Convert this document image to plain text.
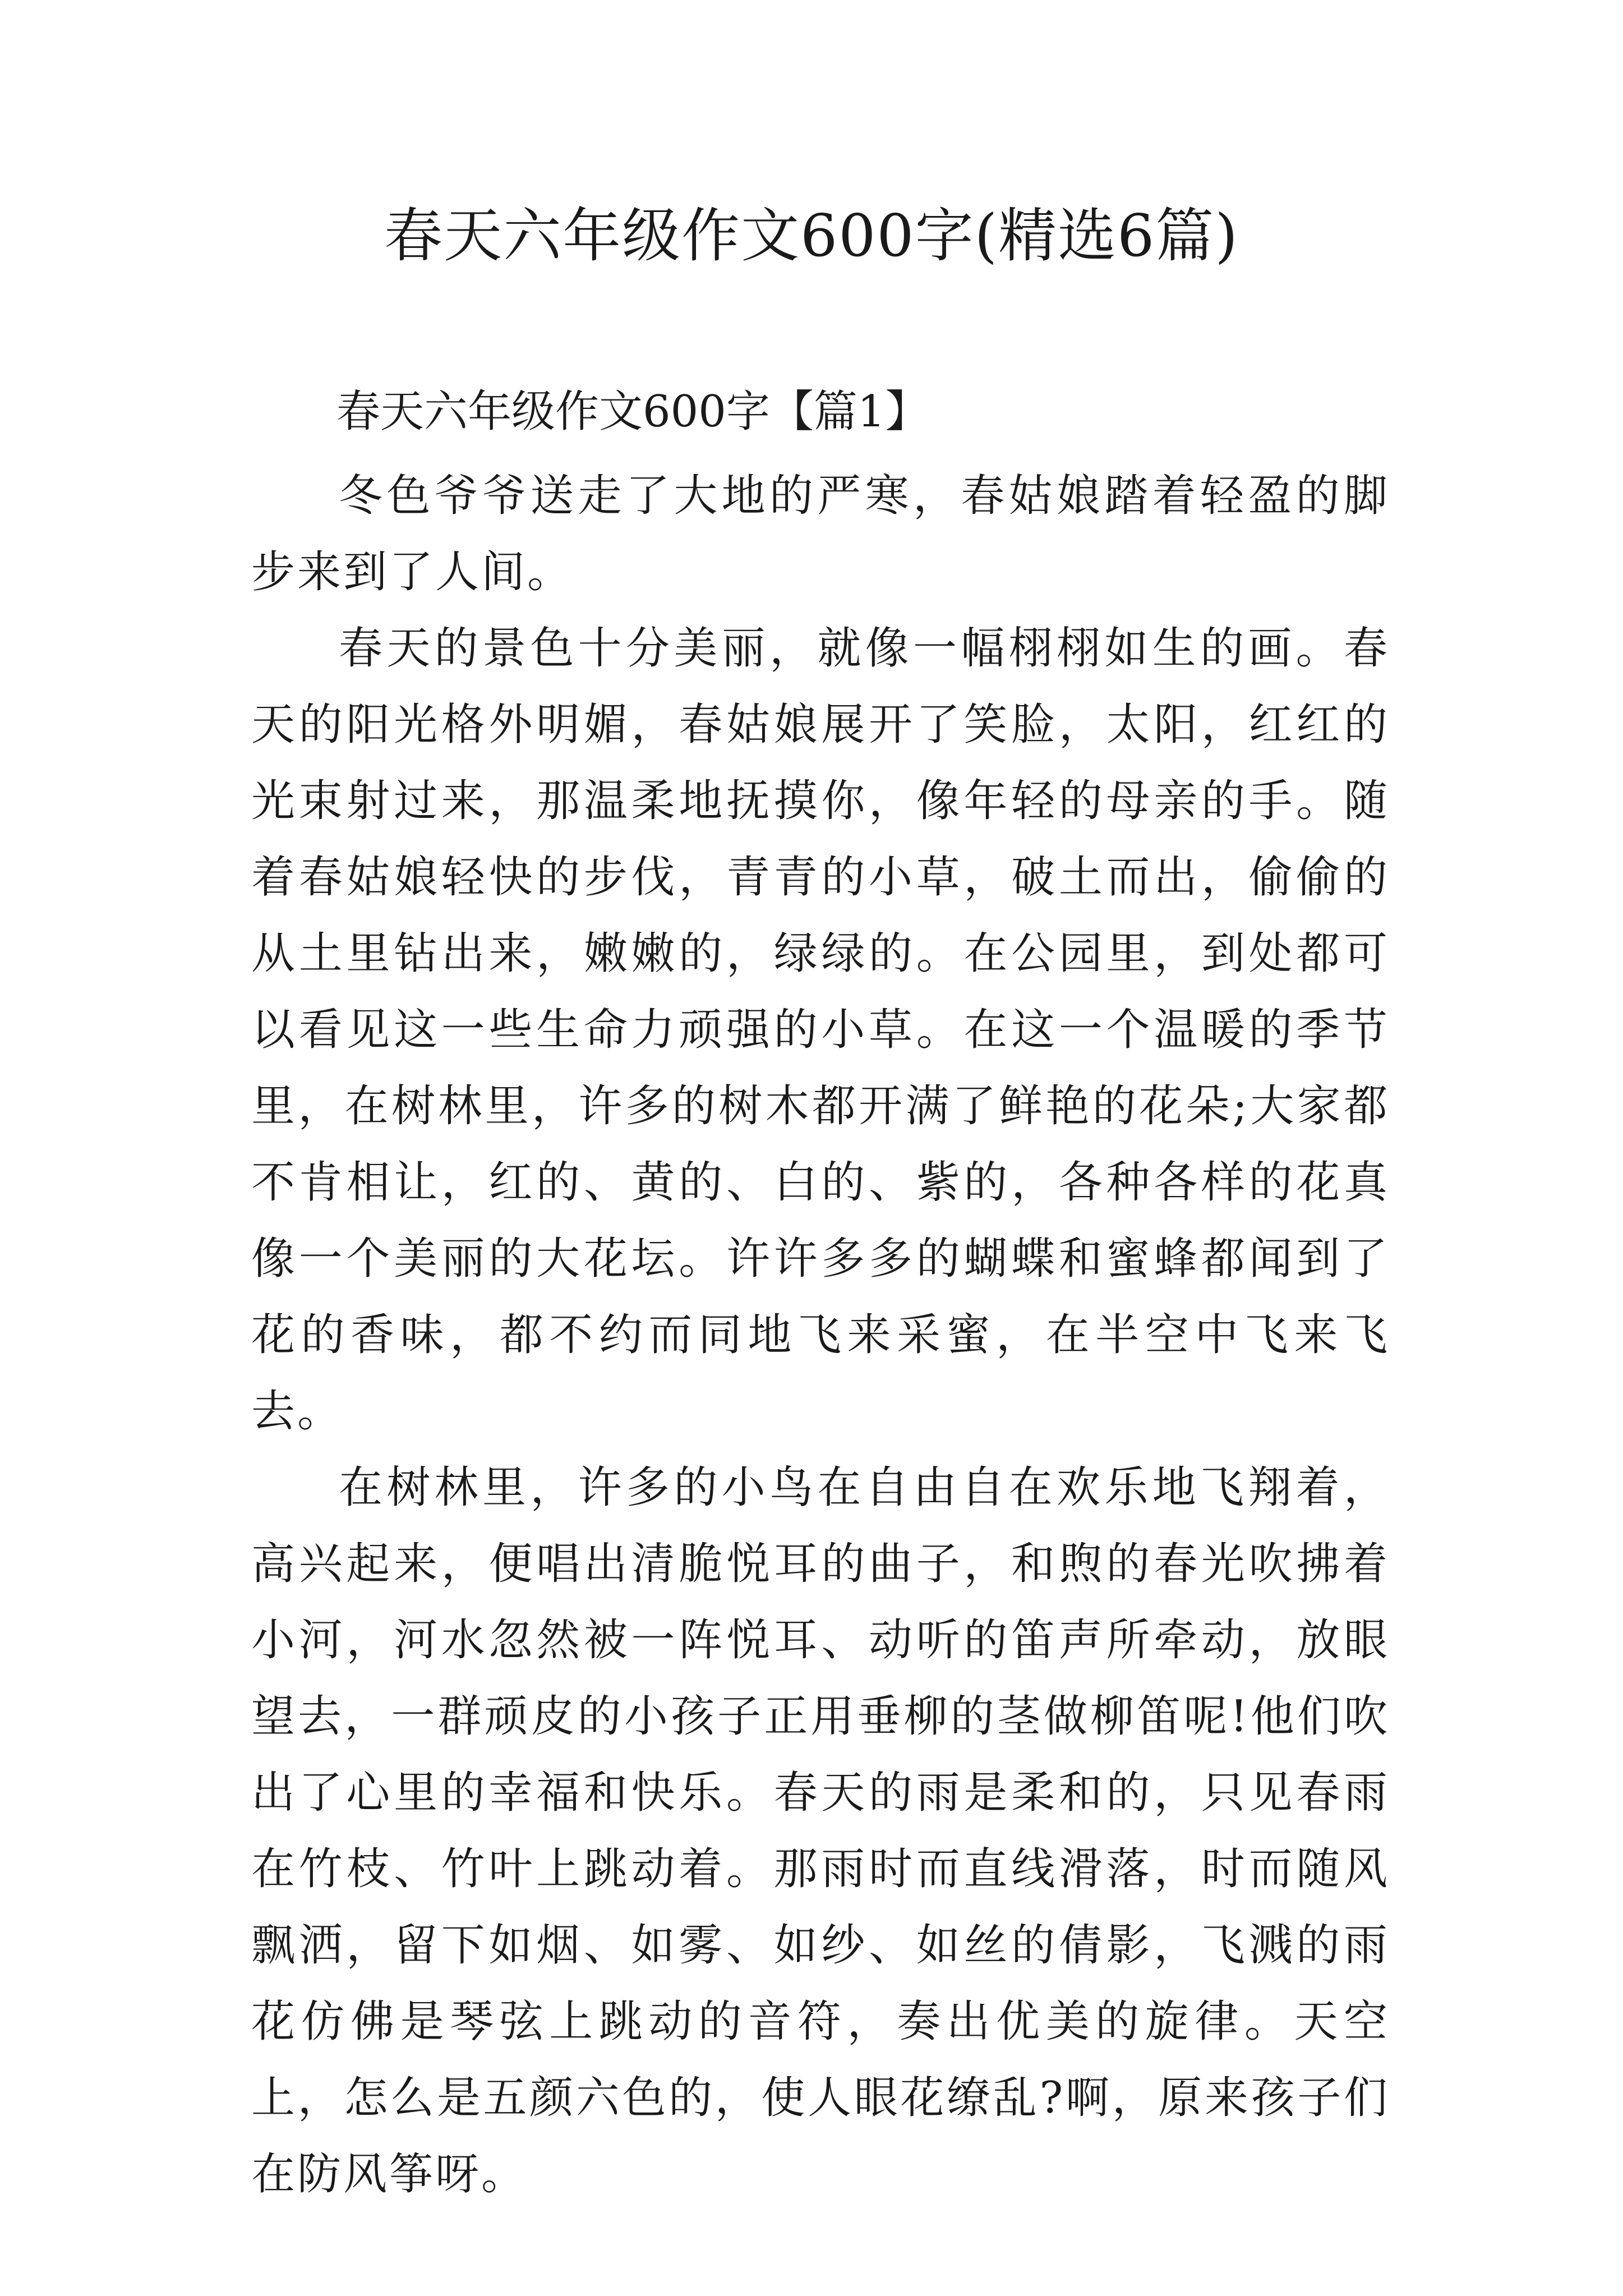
春天六年级作文600字(精选6篇)
春天六年级作文600字【篇1】

冬色爷爷送走了大地的严寒，春姑娘踏着轻盈的脚步来到了人间。

春天的景色十分美丽，就像一幅栩栩如生的画。春天的阳光格外明媚，春姑娘展开了笑脸，太阳，红红的光束射过来，那温柔地抚摸你，像年轻的母亲的手。随着春姑娘轻快的步伐，青青的小草，破土而出，偷偷的从土里钻出来，嫩嫩的，绿绿的。在公园里，到处都可以看见这一些生命力顽强的小草。在这一个温暖的季节里，在树林里，许多的树木都开满了鲜艳的花朵;大家都不肯相让，红的、黄的、白的、紫的，各种各样的花真像一个美丽的大花坛。许许多多的蝴蝶和蜜蜂都闻到了花的香味，都不约而同地飞来采蜜，在半空中飞来飞去。

在树林里，许多的小鸟在自由自在欢乐地飞翔着，高兴起来，便唱出清脆悦耳的曲子，和煦的春光吹拂着小河，河水忽然被一阵悦耳、动听的笛声所牵动，放眼望去，一群顽皮的小孩子正用垂柳的茎做柳笛呢!他们吹出了心里的幸福和快乐。春天的雨是柔和的，只见春雨在竹枝、竹叶上跳动着。那雨时而直线滑落，时而随风飘洒，留下如烟、如雾、如纱、如丝的倩影，飞溅的雨花仿佛是琴弦上跳动的音符，奏出优美的旋律。天空上，怎么是五颜六色的，使人眼花缭乱?啊，原来孩子们在防风筝呀。
